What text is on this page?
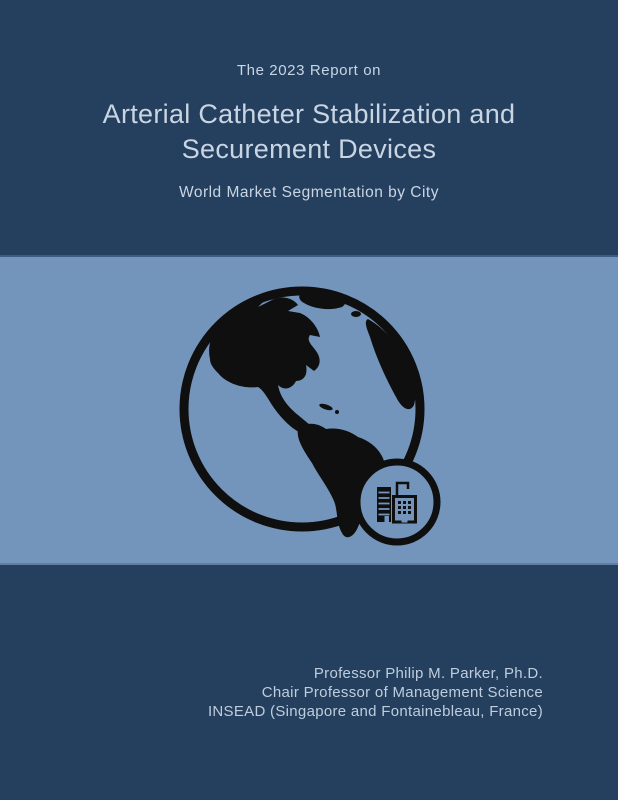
The 2023 Report on
Arterial Catheter Stabilization and
Securement Devices
World Market Segmentation by City
Professor Philip M. Parker, Ph.D.
Chair Professor of Management Science
INSEAD (Singapore and Fontainebleau, France)
